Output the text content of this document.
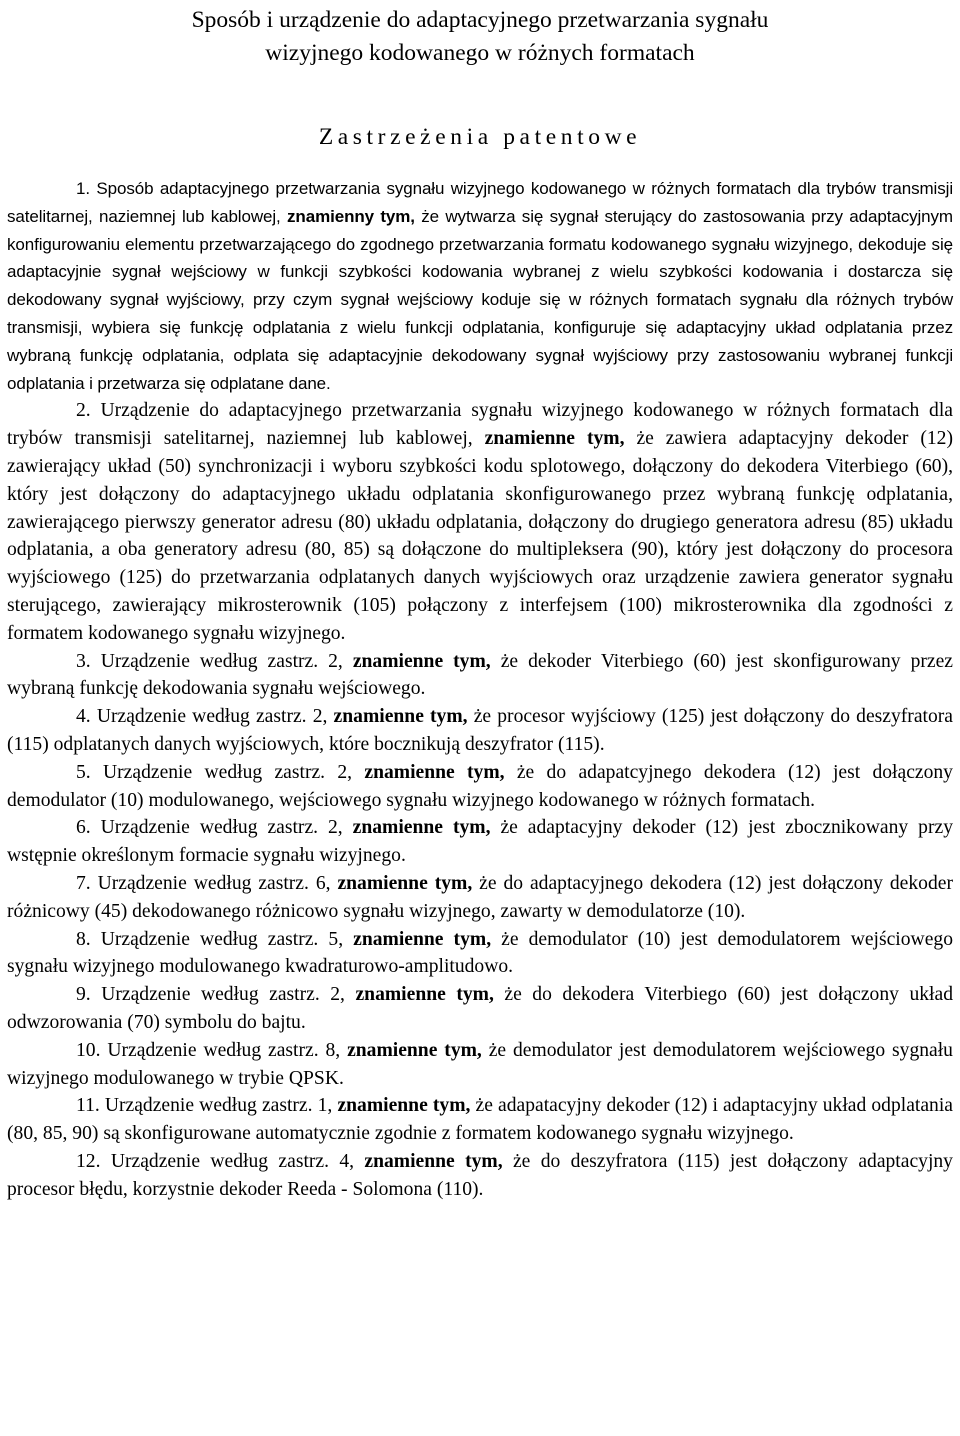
Sposób i urządzenie do adaptacyjnego przetwarzania sygnału
wizyjnego kodowanego w różnych formatach
Zastrzeżenia patentowe

1. Sposób adaptacyjnego przetwarzania sygnału wizyjnego kodowanego w różnych formatach dla trybów transmisji satelitarnej, naziemnej lub kablowej, znamienny tym, że wytwarza się sygnał sterujący do zastosowania przy adaptacyjnym konfigurowaniu elementu przetwarzającego do zgodnego przetwarzania formatu kodowanego sygnału wizyjnego, dekoduje się adaptacyjnie sygnał wejściowy w funkcji szybkości kodowania wybranej z wielu szybkości kodowania i dostarcza się dekodowany sygnał wyjściowy, przy czym sygnał wejściowy koduje się w różnych formatach sygnału dla różnych trybów transmisji, wybiera się funkcję odplatania z wielu funkcji odplatania, konfiguruje się adaptacyjny układ odplatania przez wybraną funkcję odplatania, odplata się adaptacyjnie dekodowany sygnał wyjściowy przy zastosowaniu wybranej funkcji odplatania i przetwarza się odplatane dane.

2. Urządzenie do adaptacyjnego przetwarzania sygnału wizyjnego kodowanego w różnych formatach dla trybów transmisji satelitarnej, naziemnej lub kablowej, znamienne tym, że zawiera adaptacyjny dekoder (12) zawierający układ (50) synchronizacji i wyboru szybkości kodu splotowego, dołączony do dekodera Viterbiego (60), który jest dołączony do adaptacyjnego układu odplatania skonfigurowanego przez wybraną funkcję odplatania, zawierającego pierwszy generator adresu (80) układu odplatania, dołączony do drugiego generatora adresu (85) układu odplatania, a oba generatory adresu (80, 85) są dołączone do multipleksera (90), który jest dołączony do procesora wyjściowego (125) do przetwarzania odplatanych danych wyjściowych oraz urządzenie zawiera generator sygnału sterującego, zawierający mikrosterownik (105) połączony z interfejsem (100) mikrosterownika dla zgodności z formatem kodowanego sygnału wizyjnego.

3. Urządzenie według zastrz. 2, znamienne tym, że dekoder Viterbiego (60) jest skonfigurowany przez wybraną funkcję dekodowania sygnału wejściowego.

4. Urządzenie według zastrz. 2, znamienne tym, że procesor wyjściowy (125) jest dołączony do deszyfratora (115) odplatanych danych wyjściowych, które bocznikują deszyfrator (115).

5. Urządzenie według zastrz. 2, znamienne tym, że do adapatcyjnego dekodera (12) jest dołączony demodulator (10) modulowanego, wejściowego sygnału wizyjnego kodowanego w różnych formatach.

6. Urządzenie według zastrz. 2, znamienne tym, że adaptacyjny dekoder (12) jest zbocznikowany przy wstępnie określonym formacie sygnału wizyjnego.

7. Urządzenie według zastrz. 6, znamienne tym, że do adaptacyjnego dekodera (12) jest dołączony dekoder różnicowy (45) dekodowanego różnicowo sygnału wizyjnego, zawarty w demodulatorze (10).

8. Urządzenie według zastrz. 5, znamienne tym, że demodulator (10) jest demodulatorem wejściowego sygnału wizyjnego modulowanego kwadraturowo-amplitudowo.

9. Urządzenie według zastrz. 2, znamienne tym, że do dekodera Viterbiego (60) jest dołączony układ odwzorowania (70) symbolu do bajtu.

10. Urządzenie według zastrz. 8, znamienne tym, że demodulator jest demodulatorem wejściowego sygnału wizyjnego modulowanego w trybie QPSK.

11. Urządzenie według zastrz. 1, znamienne tym, że adapatacyjny dekoder (12) i adaptacyjny układ odplatania (80, 85, 90) są skonfigurowane automatycznie zgodnie z formatem kodowanego sygnału wizyjnego.

12. Urządzenie według zastrz. 4, znamienne tym, że do deszyfratora (115) jest dołączony adaptacyjny procesor błędu, korzystnie dekoder Reeda - Solomona (110).
